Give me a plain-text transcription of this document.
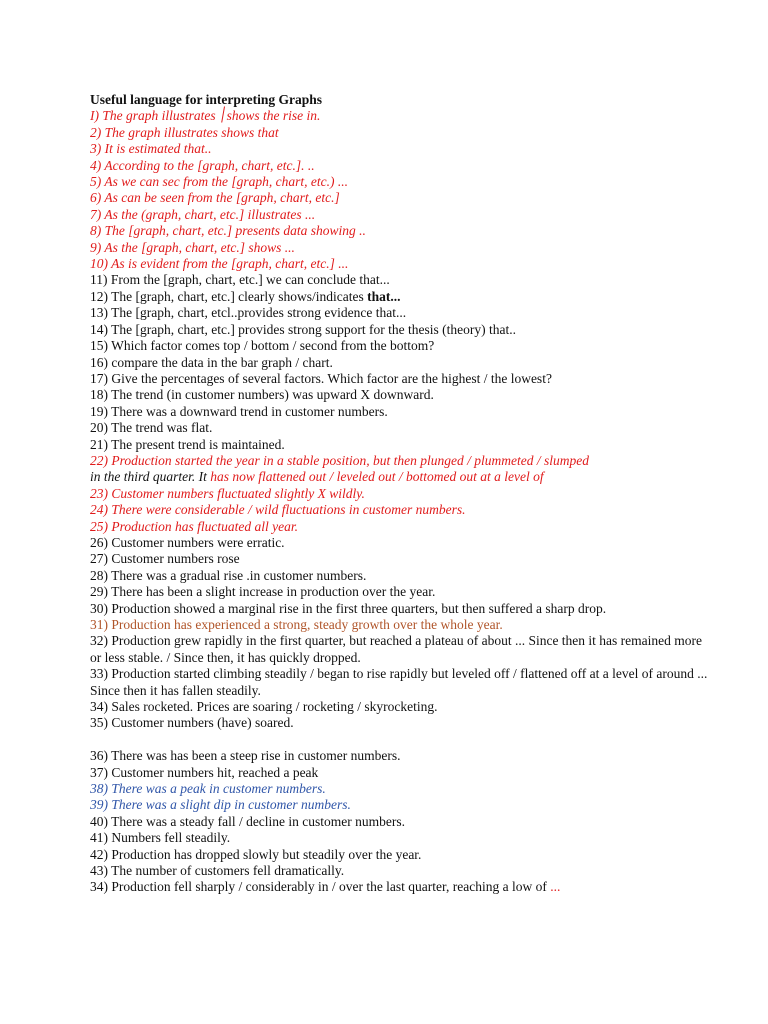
Useful language for interpreting Graphs

I) The graph illustrates ׀shows the rise in.

2) The graph illustrates shows that

3) It is estimated that..

4) According to the [graph, chart, etc.]. ..

5) As we can sec from the [graph, chart, etc.) ...

6) As can be seen from the [graph, chart, etc.]

7) As the (graph, chart, etc.] illustrates ...

8) The [graph, chart, etc.] presents data showing ..

9) As the [graph, chart, etc.] shows ...

10) As is evident from the [graph, chart, etc.] ...

11) From the [graph, chart, etc.] we can conclude that...

12) The [graph, chart, etc.] clearly shows/indicates that...

13) The [graph, chart, etcl..provides strong evidence that...

14) The [graph, chart, etc.] provides strong support for the thesis (theory) that..

15) Which factor comes top / bottom / second from the bottom?

16) compare the data in the bar graph / chart.

17) Give the percentages of several factors. Which factor are the highest / the lowest?

18) The trend (in customer numbers) was upward X downward.

19) There was a downward trend in customer numbers.

20) The trend was flat.

21) The present trend is maintained.

22) Production started the year in a stable position, but then plunged / plummeted / slumped

in the third quarter. It has now flattened out / leveled out / bottomed out at a level of

23) Customer numbers fluctuated slightly X wildly.

24) There were considerable / wild fluctuations in customer numbers.

25) Production has fluctuated all year.

26) Customer numbers were erratic.

27) Customer numbers rose

28) There was a gradual rise .in customer numbers.

29) There has been a slight increase in production over the year.

30) Production showed a marginal rise in the first three quarters, but then suffered a sharp drop.

31) Production has experienced a strong, steady growth over the whole year.

32) Production grew rapidly in the first quarter, but reached a plateau of about ... Since then it has remained more or less stable. / Since then, it has quickly dropped.

33) Production started climbing steadily / began to rise rapidly but leveled off / flattened off at a level of around ... Since then it has fallen steadily.

34) Sales rocketed. Prices are soaring / rocketing / skyrocketing.

35) Customer numbers (have) soared.

36) There was has been a steep rise in customer numbers.

37) Customer numbers hit, reached a peak

38) There was a peak in customer numbers.

39) There was a slight dip in customer numbers.

40) There was a steady fall / decline in customer numbers.

41) Numbers fell steadily.

42) Production has dropped slowly but steadily over the year.

43) The number of customers fell dramatically.

34) Production fell sharply / considerably in / over the last quarter, reaching a low of ...
